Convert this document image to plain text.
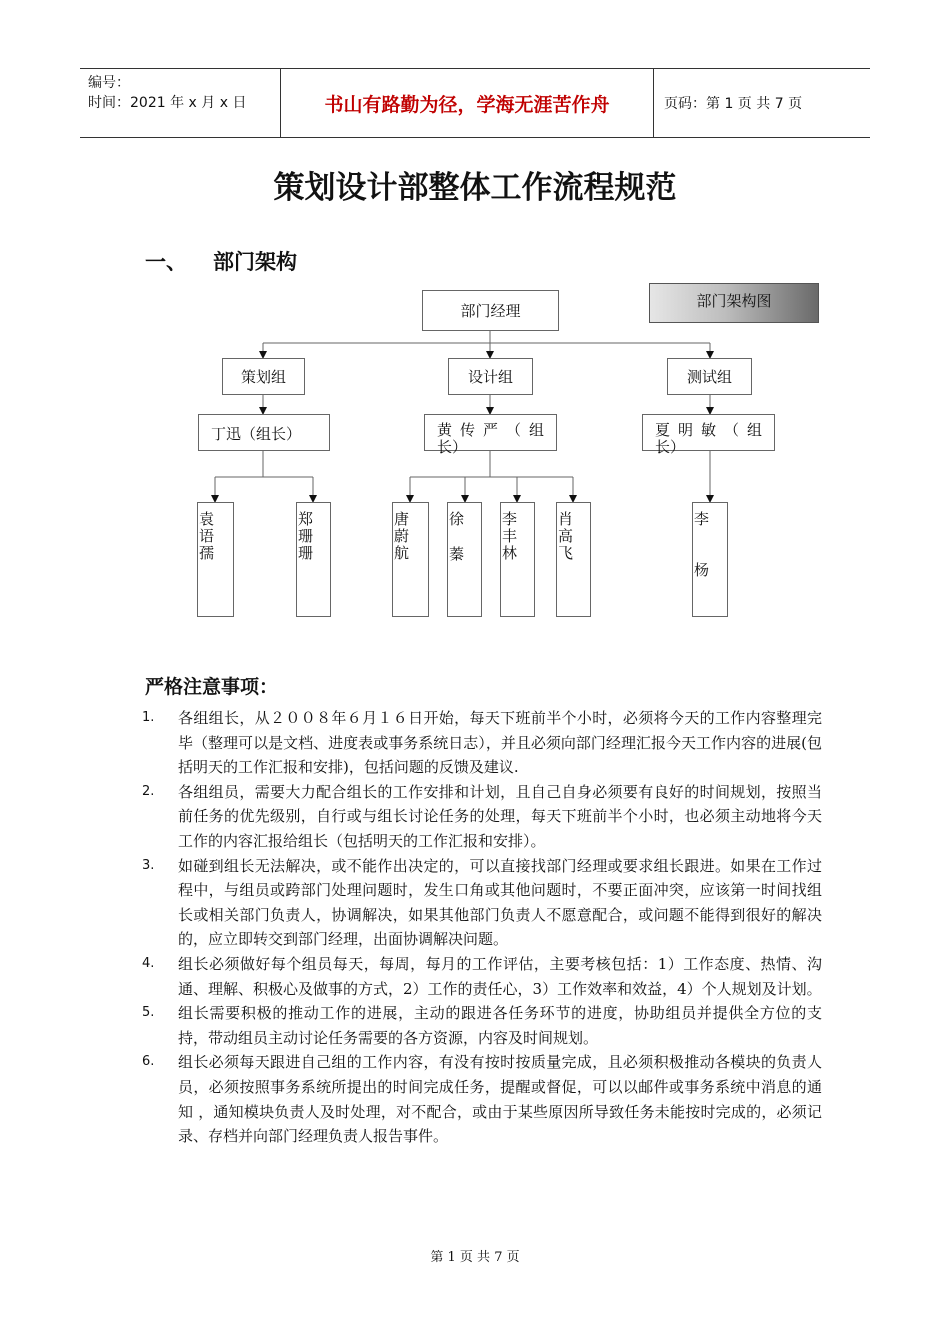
编号：
时间：2021 年 x 月 x 日	书山有路勤为径，学海无涯苦作舟	页码：第 1 页 共 7 页
策划设计部整体工作流程规范
一、 部门架构
部门经理
部门架构图
策划组	设计组	测试组
丁迅（组长）	黄传严（组
长）
夏明敏（组
长）
袁语孺	郑珊珊	唐蔚航 徐蓁 李丰林	肖高飞	李杨
严格注意事项：
1. 各组组长，从２００８年６月１６日开始，每天下班前半个小时，必须将今天的工作内容整理完毕（整理可以是文档、进度表或事务系统日志），并且必须向部门经理汇报今天工作内容的进展(包括明天的工作汇报和安排)，包括问题的反馈及建议.
2. 各组组员，需要大力配合组长的工作安排和计划，且自己自身必须要有良好的时间规划，按照当前任务的优先级别，自行或与组长讨论任务的处理，每天下班前半个小时，也必须主动地将今天工作的内容汇报给组长（包括明天的工作汇报和安排）。
3. 如碰到组长无法解决，或不能作出决定的，可以直接找部门经理或要求组长跟进。如果在工作过程中，与组员或跨部门处理问题时，发生口角或其他问题时，不要正面冲突，应该第一时间找组长或相关部门负责人，协调解决，如果其他部门负责人不愿意配合，或问题不能得到很好的解决的，应立即转交到部门经理，出面协调解决问题。
4. 组长必须做好每个组员每天，每周，每月的工作评估，主要考核包括：1）工作态度、热情、沟通、理解、积极心及做事的方式，2）工作的责任心，3）工作效率和效益，4）个人规划及计划。
5. 组长需要积极的推动工作的进展，主动的跟进各任务环节的进度，协助组员并提供全方位的支持，带动组员主动讨论任务需要的各方资源，内容及时间规划。
6. 组长必须每天跟进自己组的工作内容，有没有按时按质量完成，且必须积极推动各模块的负责人员，必须按照事务系统所提出的时间完成任务，提醒或督促，可以以邮件或事务系统中消息的通知 ，通知模块负责人及时处理，对不配合，或由于某些原因所导致任务未能按时完成的，必须记录、存档并向部门经理负责人报告事件。
第 1 页 共 7 页
